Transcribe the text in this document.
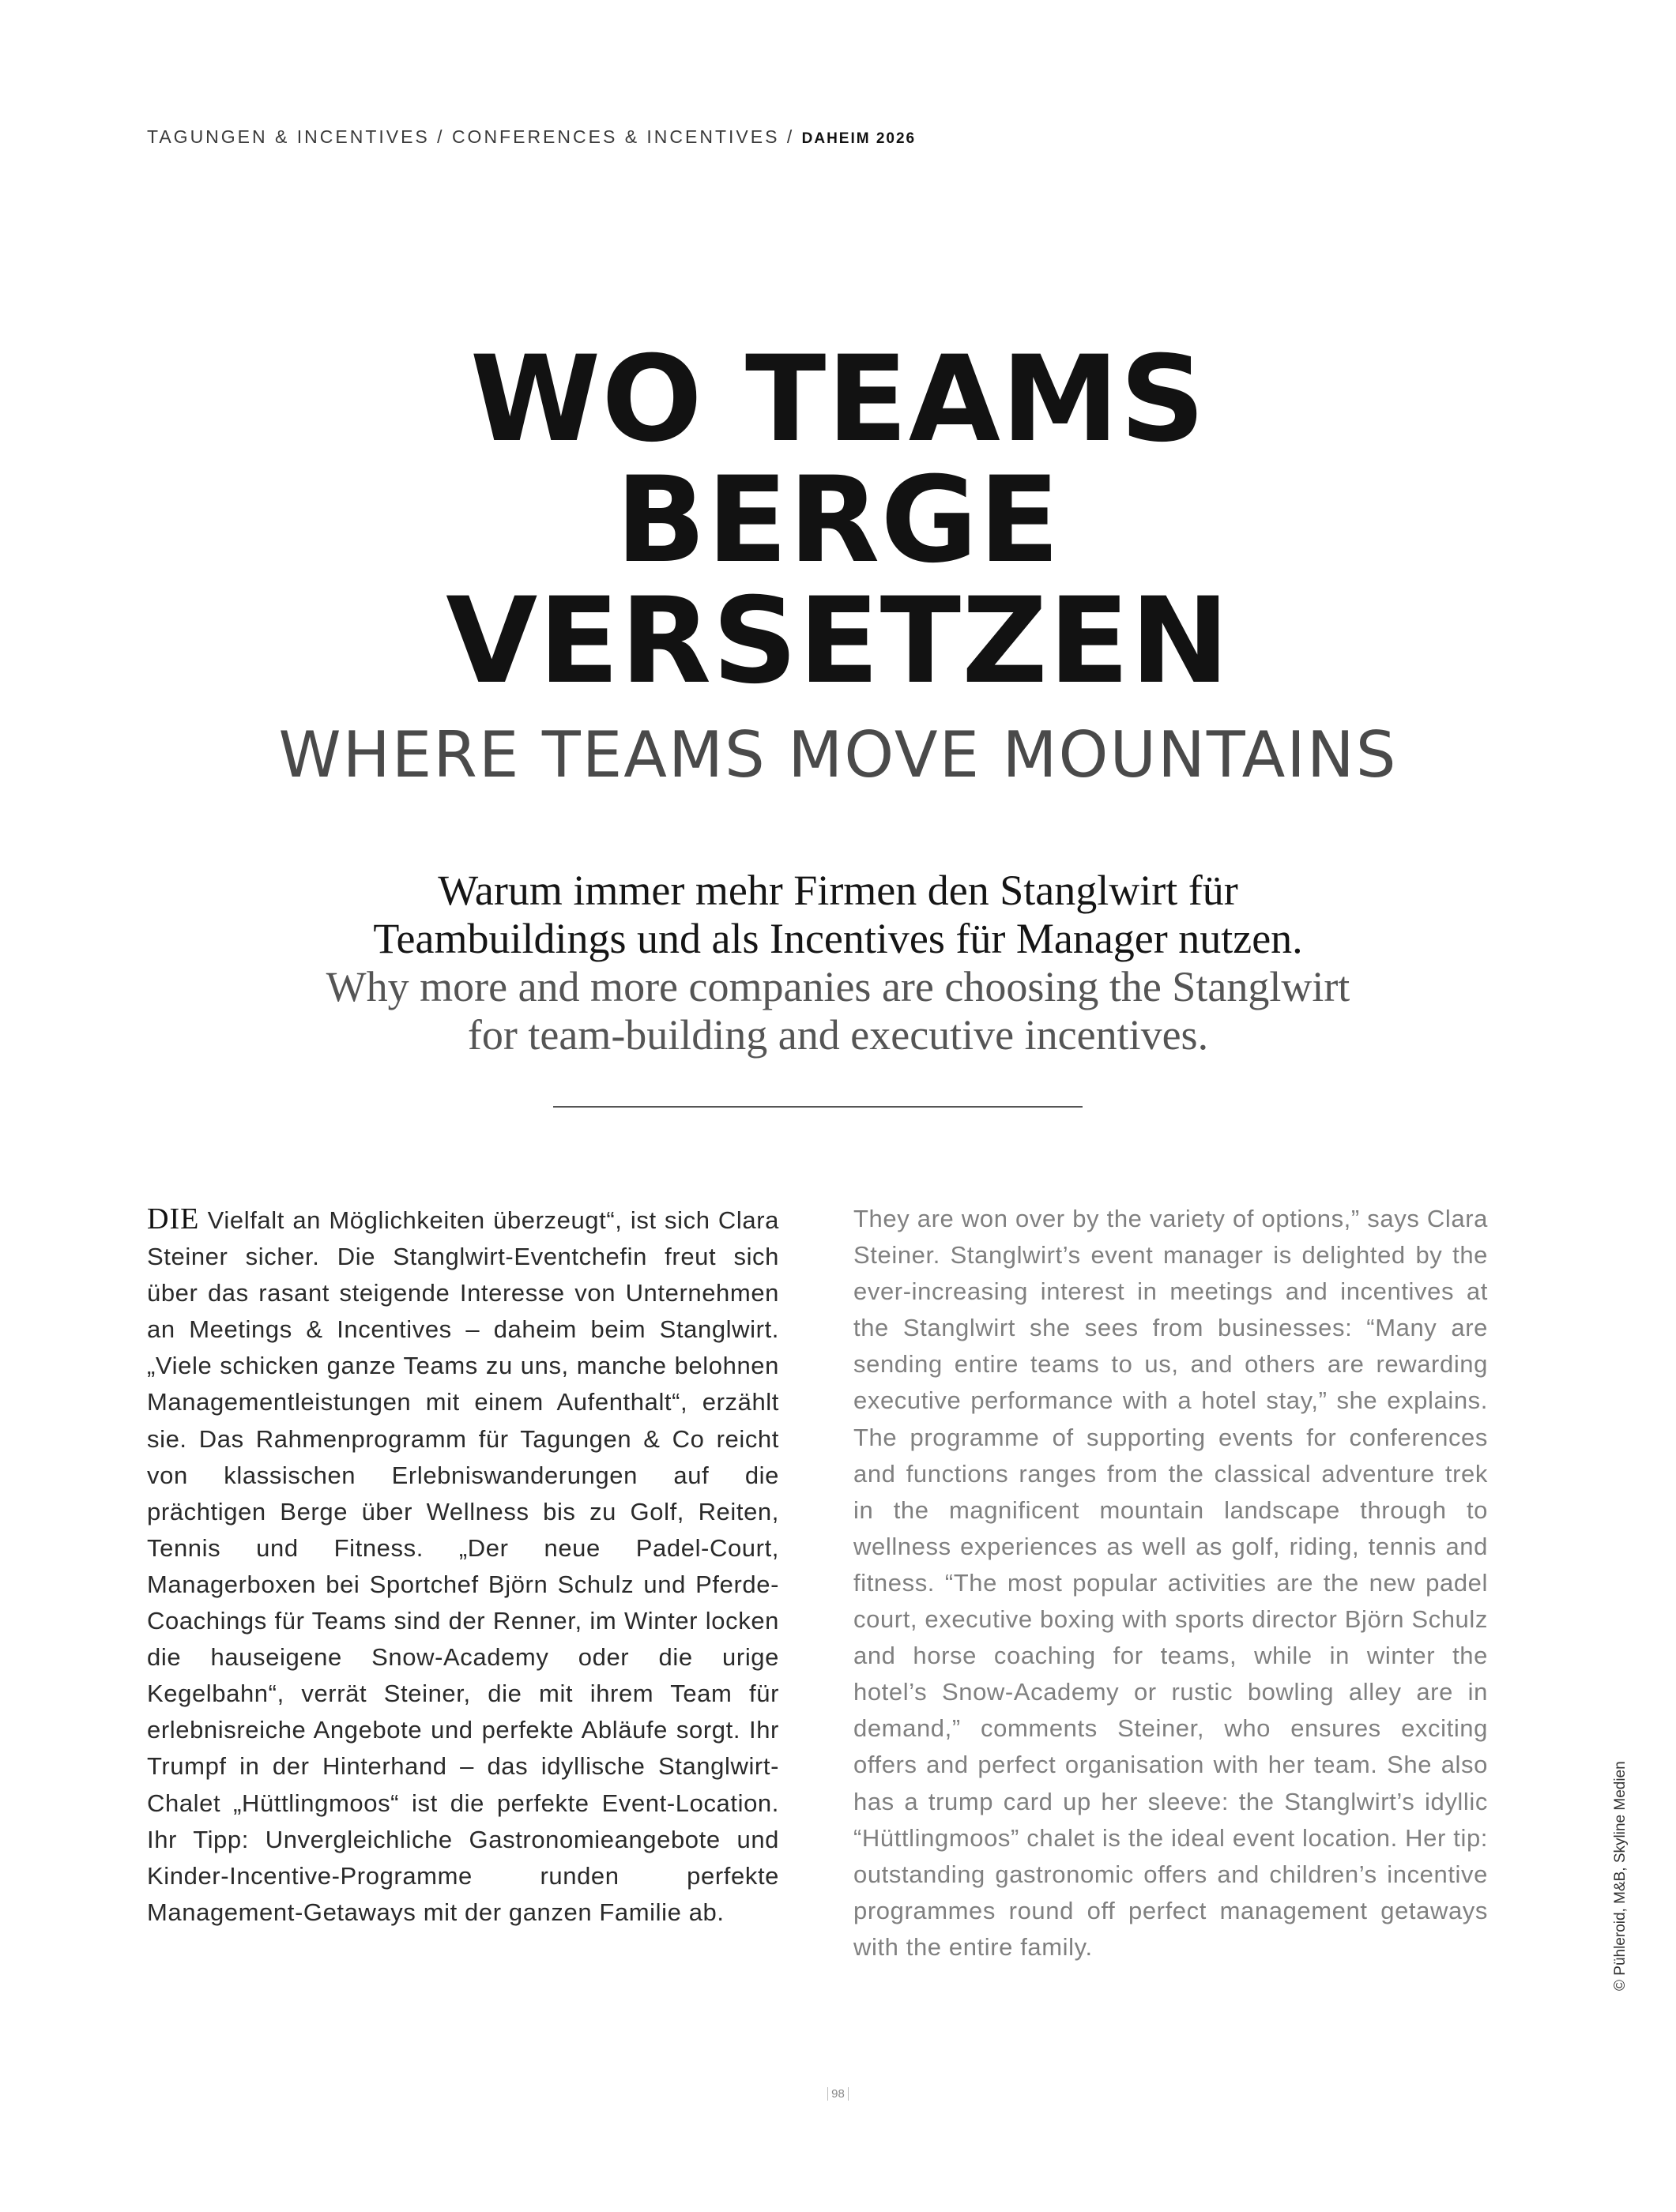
TAGUNGEN & INCENTIVES / CONFERENCES & INCENTIVES / DAHEIM 2026
WO TEAMS
BERGE
VERSETZEN
WHERE TEAMS MOVE MOUNTAINS
Warum immer mehr Firmen den Stanglwirt für
Teambuildings und als Incentives für Manager nutzen.
Why more and more companies are choosing the Stanglwirt
for team-building and executive incentives.
DIE Vielfalt an Möglichkeiten überzeugt“, ist sich Clara Steiner sicher. Die Stanglwirt-Eventchefin freut sich über das rasant steigende Interesse von Unternehmen an Meetings & Incentives – daheim beim Stanglwirt. „Viele schicken ganze Teams zu uns, manche belohnen Managementleistungen mit einem Aufenthalt“, erzählt sie. Das Rahmenprogramm für Tagungen & Co reicht von klassischen Erlebniswanderungen auf die prächtigen Berge über Wellness bis zu Golf, Reiten, Tennis und Fitness. „Der neue Padel-Court, Managerboxen bei Sportchef Björn Schulz und Pferde-Coachings für Teams sind der Renner, im Winter locken die hauseigene Snow-Academy oder die urige Kegelbahn“, verrät Steiner, die mit ihrem Team für erlebnisreiche Angebote und perfekte Abläufe sorgt. Ihr Trumpf in der Hinterhand – das idyllische Stanglwirt-Chalet „Hüttlingmoos“ ist die perfekte Event-Location. Ihr Tipp: Unvergleichliche Gastronomieangebote und Kinder-Incentive-Programme runden perfekte Management-Getaways mit der ganzen Familie ab.
They are won over by the variety of options,” says Clara Steiner. Stanglwirt’s event manager is delighted by the ever-increasing interest in meetings and incentives at the Stanglwirt she sees from businesses: “Many are sending entire teams to us, and others are rewarding executive performance with a hotel stay,” she explains. The programme of supporting events for conferences and functions ranges from the classical adventure trek in the magnificent mountain landscape through to wellness experiences as well as golf, riding, tennis and fitness. “The most popular activities are the new padel court, executive boxing with sports director Björn Schulz and horse coaching for teams, while in winter the hotel’s Snow-Academy or rustic bowling alley are in demand,” comments Steiner, who ensures exciting offers and perfect organisation with her team. She also has a trump card up her sleeve: the Stanglwirt’s idyllic “Hüttlingmoos” chalet is the ideal event location. Her tip: outstanding gastronomic offers and children’s incentive programmes round off perfect management getaways with the entire family.	© Pühleroid, M&B, Skyline Medien
98
